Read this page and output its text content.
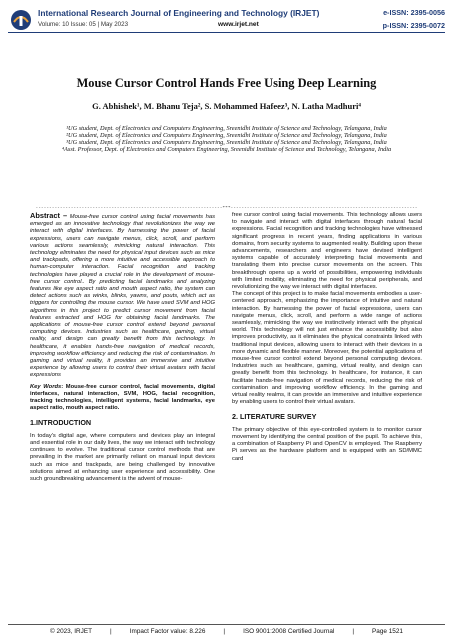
International Research Journal of Engineering and Technology (IRJET)	e-ISSN: 2395-0056
Volume: 10 Issue: 05 | May 2023	www.irjet.net	p-ISSN: 2395-0072
Mouse Cursor Control Hands Free Using Deep Learning
G. Abhishek¹, M. Bhanu Teja², S. Mohammed Hafeez³, N. Latha Madhuri⁴

¹UG student, Dept. of Electronics and Computers Engineering, Sreenidhi Institute of Science and Technology, Telangana, India

²UG student, Dept. of Electronics and Computers Engineering, Sreenidhi Institute of Science and Technology, Telangana, India

³UG student, Dept. of Electronics and Computers Engineering, Sreenidhi Institute of Science and Technology, Telangana, India

⁴Asst. Professor, Dept. of Electronics and Computers Engineering, Sreenidhi Institute of Science and Technology, Telangana, India

---------------------------------------------------------------------***---------------------------------------------------------------------

Abstract – Mouse-free cursor control using facial movements has emerged as an innovative technology that revolutionizes the way we interact with digital interfaces. By harnessing the power of facial expressions, users can navigate menus, click, scroll, and perform various actions seamlessly, mimicking natural interaction. This technology eliminates the need for physical input devices such as mice and trackpads, offering a more intuitive and accessible approach to human-computer interaction. Facial recognition and tracking technologies have played a crucial role in the development of mouse-free cursor control.. By predicting facial landmarks and analyzing features like eye aspect ratio and mouth aspect ratio, the system can detect actions such as winks, blinks, yawns, and pouts, which act as triggers for controlling the mouse cursor. We have used SVM and HOG algorithms in this project to predict cursor movement from facial features extracted and HOG for obtaining facial landmarks. The applications of mouse-free cursor control extend beyond personal computing devices. Industries such as healthcare, gaming, virtual reality, and design can greatly benefit from this technology. In healthcare, it enables hands-free navigation of medical records, improving workflow efficiency and reducing the risk of contamination. In gaming and virtual reality, it provides an immersive and intuitive experience by allowing users to control their virtual avatars with facial expressions

Key Words: Mouse-free cursor control, facial movements, digital interfaces, natural interaction, SVM, HOG, facial recognition, tracking technologies, intelligent systems, facial landmarks, eye aspect ratio, mouth aspect ratio.

1.INTRODUCTION

In today's digital age, where computers and devices play an integral and essential role in our daily lives, the way we interact with technology continues to evolve. The traditional cursor control methods that are prevailing in the market are primarily reliant on manual input devices such as mice and trackpads, are being challenged by innovative solutions aimed at enhancing user experience and accessibility. One such groundbreaking advancement is the advent of mouse-

free cursor control using facial movements. This technology allows users to navigate and interact with digital interfaces through natural facial expressions. Facial recognition and tracking technologies have witnessed significant progress in recent years, finding applications in various domains, from security systems to augmented reality. Building upon these advancements, researchers and engineers have devised intelligent systems capable of accurately interpreting facial movements and translating them into precise cursor movements on the screen. This breakthrough opens up a world of possibilities, empowering individuals with limited mobility, eliminating the need for physical peripherals, and revolutionizing the way we interact with digital interfaces.

The concept of this project is to make facial movements embodies a user-centered approach, emphasizing the importance of intuitive and natural interaction. By harnessing the power of facial expressions, users can navigate menus, click, scroll, and perform a wide range of actions seamlessly, mimicking the way we instinctively interact with the physical world. This technology will not just enhance the accessibility but also improves productivity, as it eliminates the physical constraints linked with traditional input devices, allowing users to interact with their devices in a more dynamic and flexible manner. Moreover, the potential applications of mouse-free cursor control extend beyond personal computing devices. Industries such as healthcare, gaming, virtual reality, and design can greatly benefit from this technology. In healthcare, for instance, it can facilitate hands-free navigation of medical records, reducing the risk of contamination and improving workflow efficiency. In the gaming and virtual reality realms, it can provide an immersive and intuitive experience by enabling users to control their virtual avatars.

2. LITERATURE SURVEY

The primary objective of this eye-controlled system is to monitor cursor movement by identifying the central position of the pupil. To achieve this, a combination of Raspberry Pi and OpenCV is employed. The Raspberry Pi serves as the hardware platform and is equipped with an SD/MMC card

© 2023, IRJET	|	Impact Factor value: 8.226	|	ISO 9001:2008 Certified Journal	|	Page 1521
